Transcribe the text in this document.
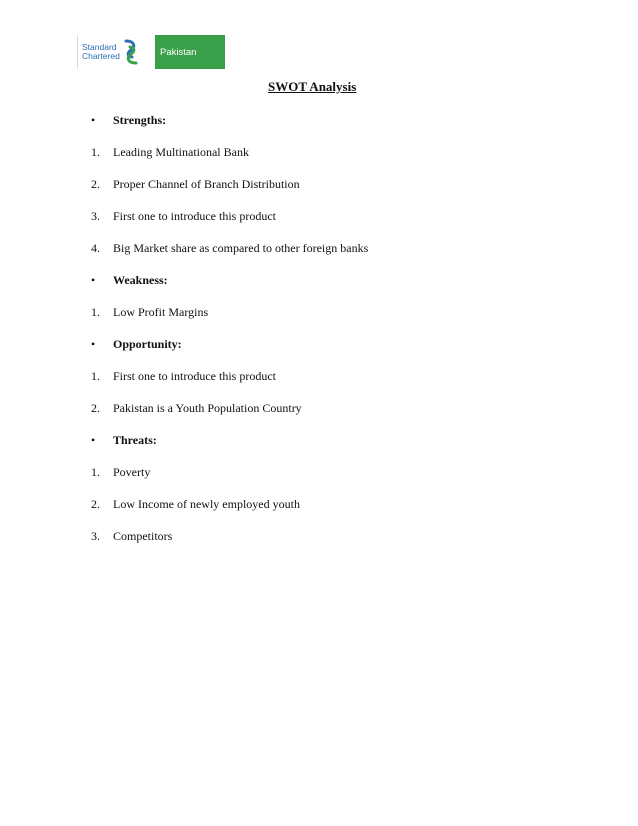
Standard
Chartered	Pakistan
SWOT Analysis
• Strengths:
1. Leading Multinational Bank
2. Proper Channel of Branch Distribution
3. First one to introduce this product
4. Big Market share as compared to other foreign banks
• Weakness:
1. Low Profit Margins
• Opportunity:
1. First one to introduce this product
2. Pakistan is a Youth Population Country
• Threats:
1. Poverty
2. Low Income of newly employed youth
3. Competitors
